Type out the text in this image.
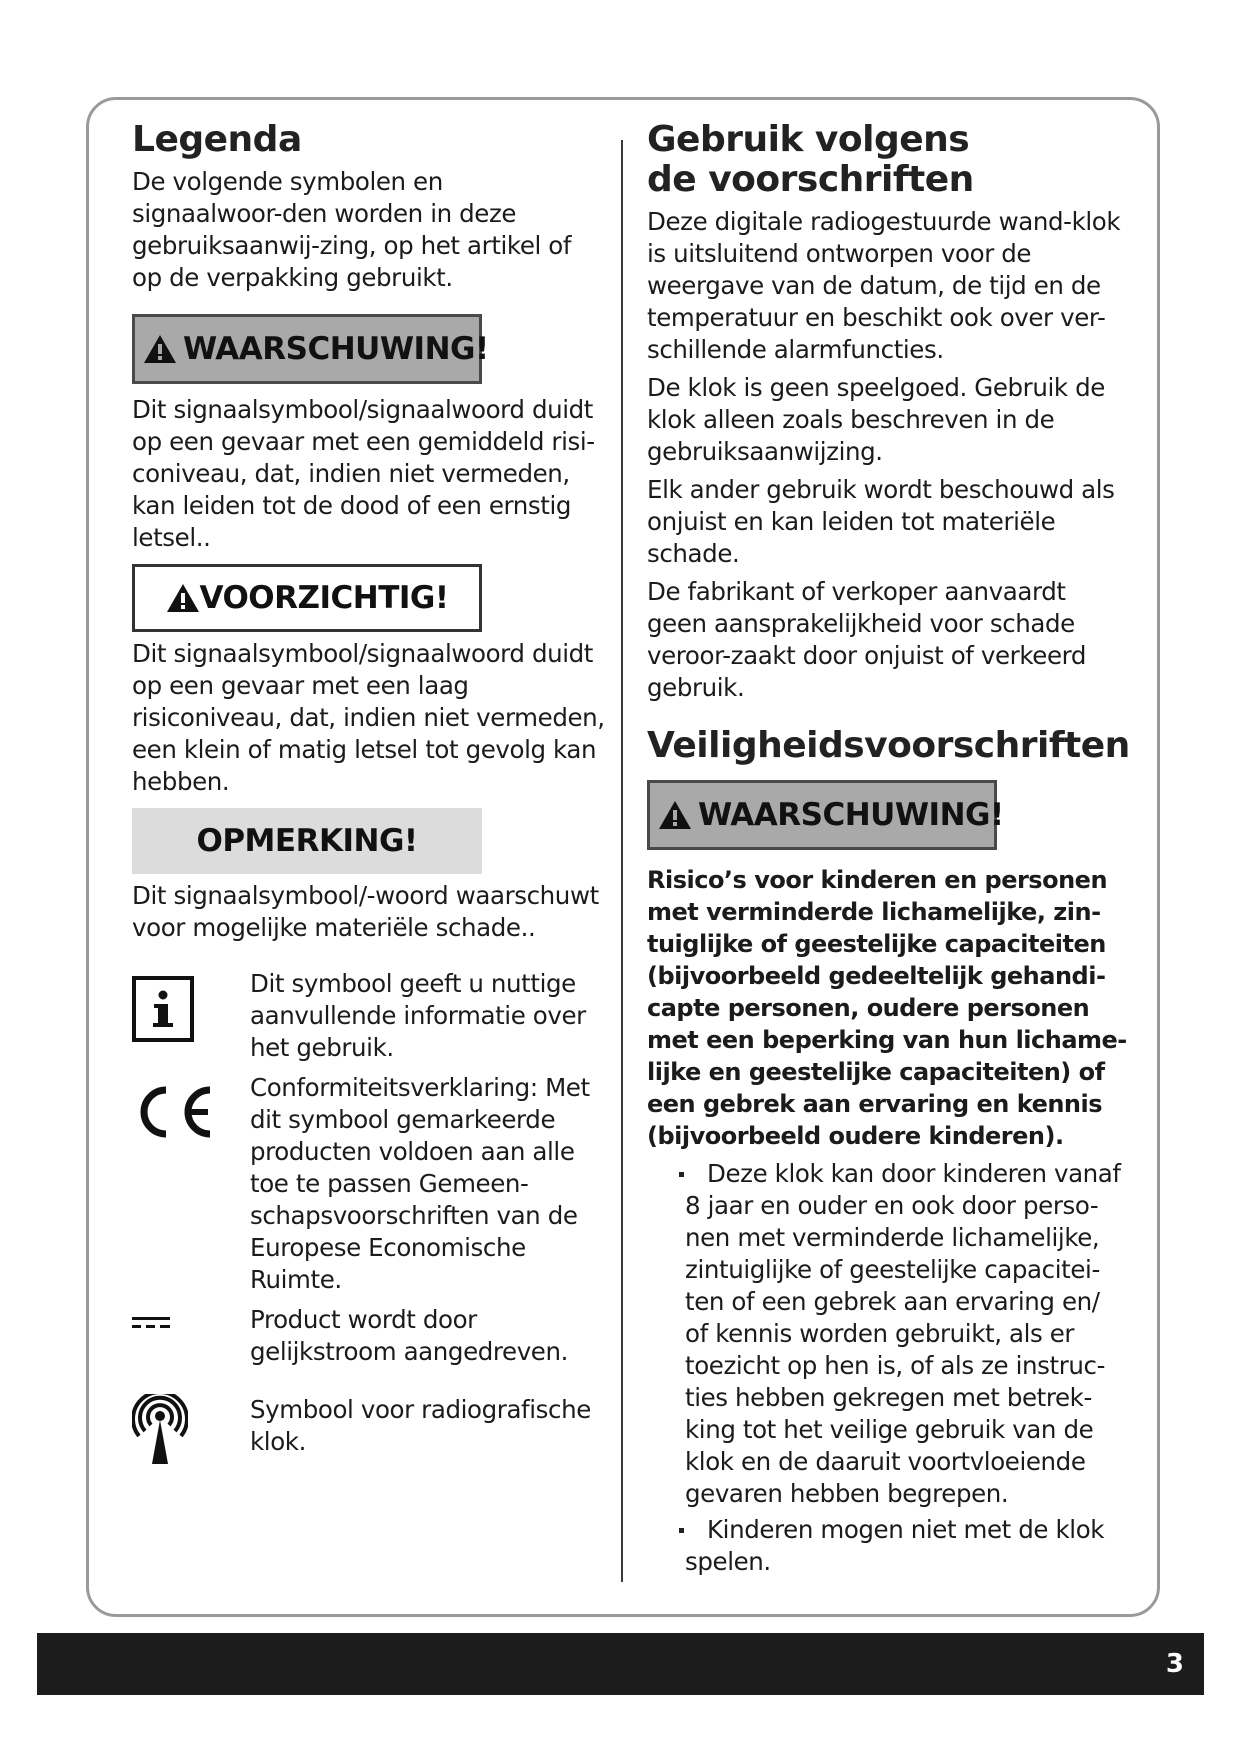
Legenda

De volgende symbolen en signaalwoor-den worden in deze gebruiksaanwij-zing, op het artikel of op de verpakking gebruikt.

WAARSCHUWING!

Dit signaalsymbool/signaalwoord duidt op een gevaar met een gemiddeld risi-coniveau, dat, indien niet vermeden, kan leiden tot de dood of een ernstig letsel..

VOORZICHTIG!

Dit signaalsymbool/signaalwoord duidt op een gevaar met een laag risiconiveau, dat, indien niet vermeden, een klein of matig letsel tot gevolg kan hebben.

OPMERKING!

Dit signaalsymbool/-woord waarschuwt voor mogelijke materiële schade..

Dit symbool geeft u nuttige aanvullende informatie over het gebruik.

Conformiteitsverklaring: Met dit symbool gemarkeerde producten voldoen aan alle toe te passen Gemeen-schapsvoorschriften van de Europese Economische Ruimte.

Product wordt door gelijkstroom aangedreven.

Symbool voor radiografische klok.

Gebruik volgens de voorschriften

Deze digitale radiogestuurde wand-klok is uitsluitend ontworpen voor de weergave van de datum, de tijd en de temperatuur en beschikt ook over ver-schillende alarmfuncties.

De klok is geen speelgoed. Gebruik de klok alleen zoals beschreven in de gebruiksaanwijzing.

Elk ander gebruik wordt beschouwd als onjuist en kan leiden tot materiële schade.

De fabrikant of verkoper aanvaardt geen aansprakelijkheid voor schade veroor-zaakt door onjuist of verkeerd gebruik.

Veiligheidsvoorschriften
WAARSCHUWING!

Risico’s voor kinderen en personen met verminderde lichamelijke, zin-tuiglijke of geestelijke capaciteiten (bijvoorbeeld gedeeltelijk gehandi-capte personen, oudere personen met een beperking van hun lichame-lijke en geestelijke capaciteiten) of een gebrek aan ervaring en kennis (bijvoorbeeld oudere kinderen).

Deze klok kan door kinderen vanaf 8 jaar en ouder en ook door perso-nen met verminderde lichamelijke, zintuiglijke of geestelijke capacitei-ten of een gebrek aan ervaring en/ of kennis worden gebruikt, als er toezicht op hen is, of als ze instruc-ties hebben gekregen met betrek-king tot het veilige gebruik van de klok en de daaruit voortvloeiende gevaren hebben begrepen.
Kinderen mogen niet met de klok spelen.
3
